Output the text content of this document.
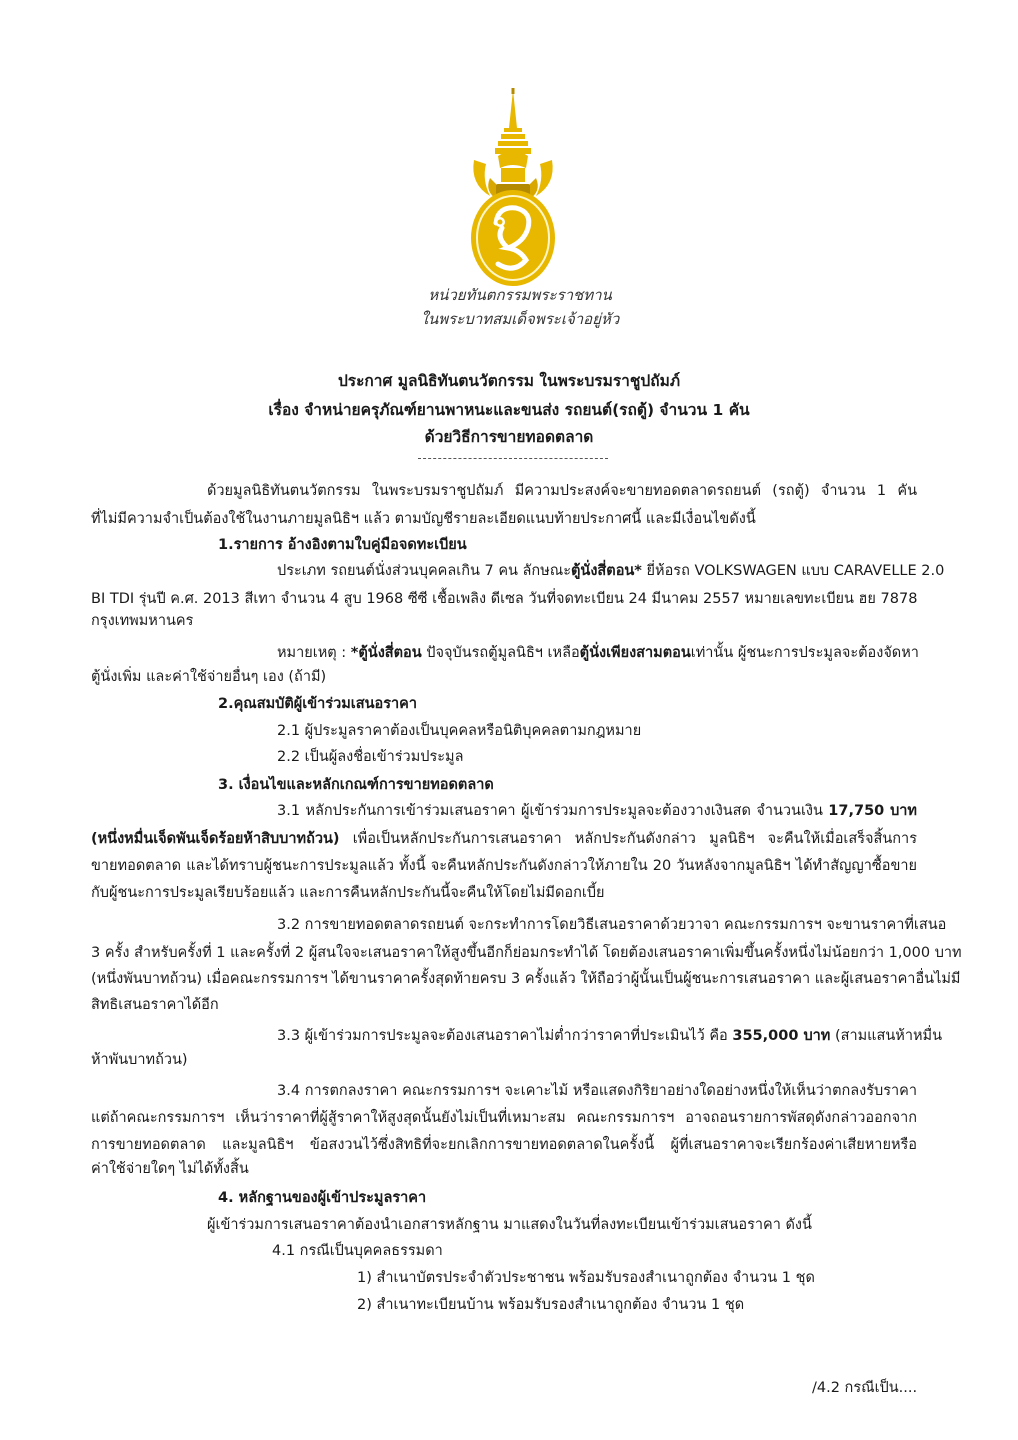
หน่วยทันตกรรมพระราชทาน
ในพระบาทสมเด็จพระเจ้าอยู่หัว
ประกาศ มูลนิธิทันตนวัตกรรม ในพระบรมราชูปถัมภ์
เรื่อง จำหน่ายครุภัณฑ์ยานพาหนะและขนส่ง รถยนต์(รถตู้) จำนวน 1 คัน
ด้วยวิธีการขายทอดตลาด
ด้วยมูลนิธิทันตนวัตกรรม ในพระบรมราชูปถัมภ์ มีความประสงค์จะขายทอดตลาดรถยนต์ (รถตู้) จำนวน 1 คัน
ที่ไม่มีความจำเป็นต้องใช้ในงานภายมูลนิธิฯ แล้ว ตามบัญชีรายละเอียดแนบท้ายประกาศนี้ และมีเงื่อนไขดังนี้
1.รายการ อ้างอิงตามใบคู่มือจดทะเบียน
ประเภท รถยนต์นั่งส่วนบุคคลเกิน 7 คน ลักษณะตู้นั่งสี่ตอน* ยี่ห้อรถ VOLKSWAGEN แบบ CARAVELLE 2.0
BI TDI รุ่นปี ค.ศ. 2013 สีเทา จำนวน 4 สูบ 1968 ซีซี เชื้อเพลิง ดีเซล วันที่จดทะเบียน 24 มีนาคม 2557 หมายเลขทะเบียน ฮย 7878
กรุงเทพมหานคร
หมายเหตุ : *ตู้นั่งสี่ตอน ปัจจุบันรถตู้มูลนิธิฯ เหลือตู้นั่งเพียงสามตอนเท่านั้น ผู้ชนะการประมูลจะต้องจัดหา
ตู้นั่งเพิ่ม และค่าใช้จ่ายอื่นๆ เอง (ถ้ามี)
2.คุณสมบัติผู้เข้าร่วมเสนอราคา
2.1 ผู้ประมูลราคาต้องเป็นบุคคลหรือนิติบุคคลตามกฎหมาย
2.2 เป็นผู้ลงชื่อเข้าร่วมประมูล
3. เงื่อนไขและหลักเกณฑ์การขายทอดตลาด
3.1 หลักประกันการเข้าร่วมเสนอราคา ผู้เข้าร่วมการประมูลจะต้องวางเงินสด จำนวนเงิน 17,750 บาท
(หนึ่งหมื่นเจ็ดพันเจ็ดร้อยห้าสิบบาทถ้วน) เพื่อเป็นหลักประกันการเสนอราคา หลักประกันดังกล่าว มูลนิธิฯ จะคืนให้เมื่อเสร็จสิ้นการ
ขายทอดตลาด และได้ทราบผู้ชนะการประมูลแล้ว ทั้งนี้ จะคืนหลักประกันดังกล่าวให้ภายใน 20 วันหลังจากมูลนิธิฯ ได้ทำสัญญาซื้อขาย
กับผู้ชนะการประมูลเรียบร้อยแล้ว และการคืนหลักประกันนี้จะคืนให้โดยไม่มีดอกเบี้ย
3.2 การขายทอดตลาดรถยนต์ จะกระทำการโดยวิธีเสนอราคาด้วยวาจา คณะกรรมการฯ จะขานราคาที่เสนอ
3 ครั้ง สำหรับครั้งที่ 1 และครั้งที่ 2 ผู้สนใจจะเสนอราคาให้สูงขึ้นอีกก็ย่อมกระทำได้ โดยต้องเสนอราคาเพิ่มขึ้นครั้งหนึ่งไม่น้อยกว่า 1,000 บาท
(หนึ่งพันบาทถ้วน) เมื่อคณะกรรมการฯ ได้ขานราคาครั้งสุดท้ายครบ 3 ครั้งแล้ว ให้ถือว่าผู้นั้นเป็นผู้ชนะการเสนอราคา และผู้เสนอราคาอื่นไม่มี
สิทธิเสนอราคาได้อีก
3.3 ผู้เข้าร่วมการประมูลจะต้องเสนอราคาไม่ต่ำกว่าราคาที่ประเมินไว้ คือ 355,000 บาท (สามแสนห้าหมื่น
ห้าพันบาทถ้วน)
3.4 การตกลงราคา คณะกรรมการฯ จะเคาะไม้ หรือแสดงกิริยาอย่างใดอย่างหนึ่งให้เห็นว่าตกลงรับราคา
แต่ถ้าคณะกรรมการฯ เห็นว่าราคาที่ผู้สู้ราคาให้สูงสุดนั้นยังไม่เป็นที่เหมาะสม คณะกรรมการฯ อาจถอนรายการพัสดุดังกล่าวออกจาก
การขายทอดตลาด และมูลนิธิฯ ข้อสงวนไว้ซึ่งสิทธิที่จะยกเลิกการขายทอดตลาดในครั้งนี้ ผู้ที่เสนอราคาจะเรียกร้องค่าเสียหายหรือ
ค่าใช้จ่ายใดๆ ไม่ได้ทั้งสิ้น
4. หลักฐานของผู้เข้าประมูลราคา
ผู้เข้าร่วมการเสนอราคาต้องนำเอกสารหลักฐาน มาแสดงในวันที่ลงทะเบียนเข้าร่วมเสนอราคา ดังนี้
4.1 กรณีเป็นบุคคลธรรมดา
1) สำเนาบัตรประจำตัวประชาชน พร้อมรับรองสำเนาถูกต้อง จำนวน 1 ชุด
2) สำเนาทะเบียนบ้าน พร้อมรับรองสำเนาถูกต้อง จำนวน 1 ชุด
/4.2 กรณีเป็น....
